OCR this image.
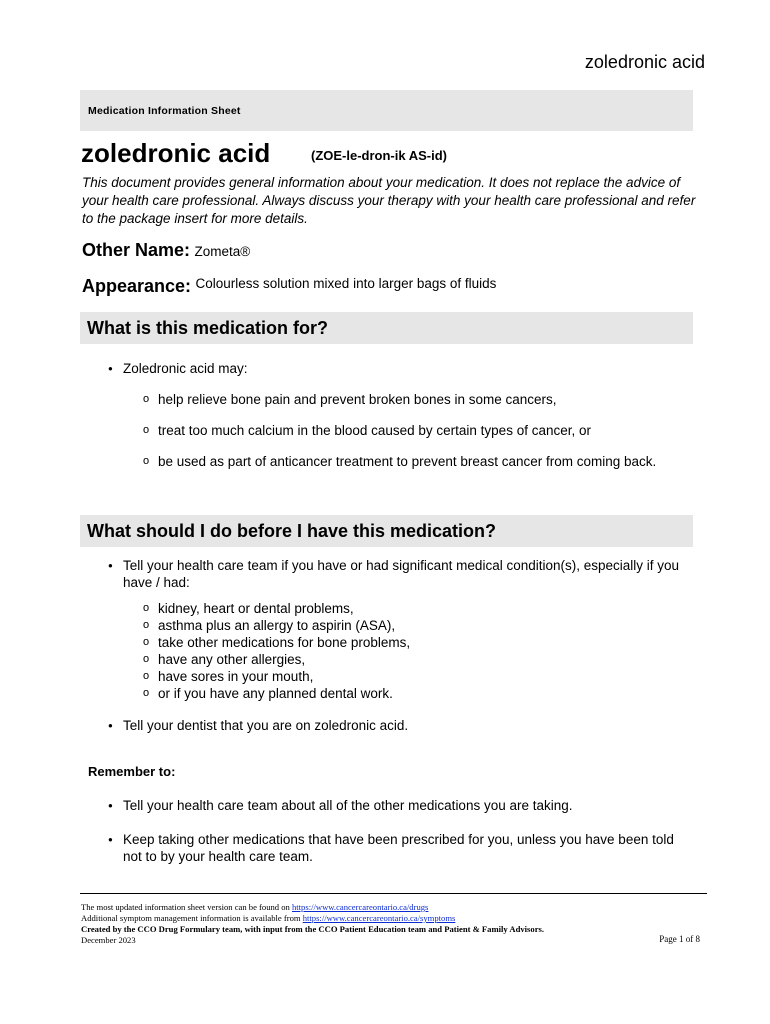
zoledronic acid
Medication Information Sheet
zoledronic acid	(ZOE-le-dron-ik AS-id)
This document provides general information about your medication. It does not replace the advice of your health care professional. Always discuss your therapy with your health care professional and refer to the package insert for more details.
Other Name: Zometa®
Appearance: $^{Colourless solution mixed into larger bags of fluids}$
What is this medication for?
● Zoledronic acid may:
o help relieve bone pain and prevent broken bones in some cancers,
o treat too much calcium in the blood caused by certain types of cancer, or
o be used as part of anticancer treatment to prevent breast cancer from coming back.
What should I do before I have this medication?
● Tell your health care team if you have or had significant medical condition(s), especially if you have / had:
o kidney, heart or dental problems,
o asthma plus an allergy to aspirin (ASA),
o take other medications for bone problems,
o have any other allergies,
o have sores in your mouth,
o or if you have any planned dental work.
● Tell your dentist that you are on zoledronic acid.
Remember to:
● Tell your health care team about all of the other medications you are taking.
● Keep taking other medications that have been prescribed for you, unless you have been told not to by your health care team.
The most updated information sheet version can be found on https://www.cancercareontario.ca/drugs
Additional symptom management information is available from https://www.cancercareontario.ca/symptoms
Created by the CCO Drug Formulary team, with input from the CCO Patient Education team and Patient & Family Advisors.
December 2023	Page 1 of 8
